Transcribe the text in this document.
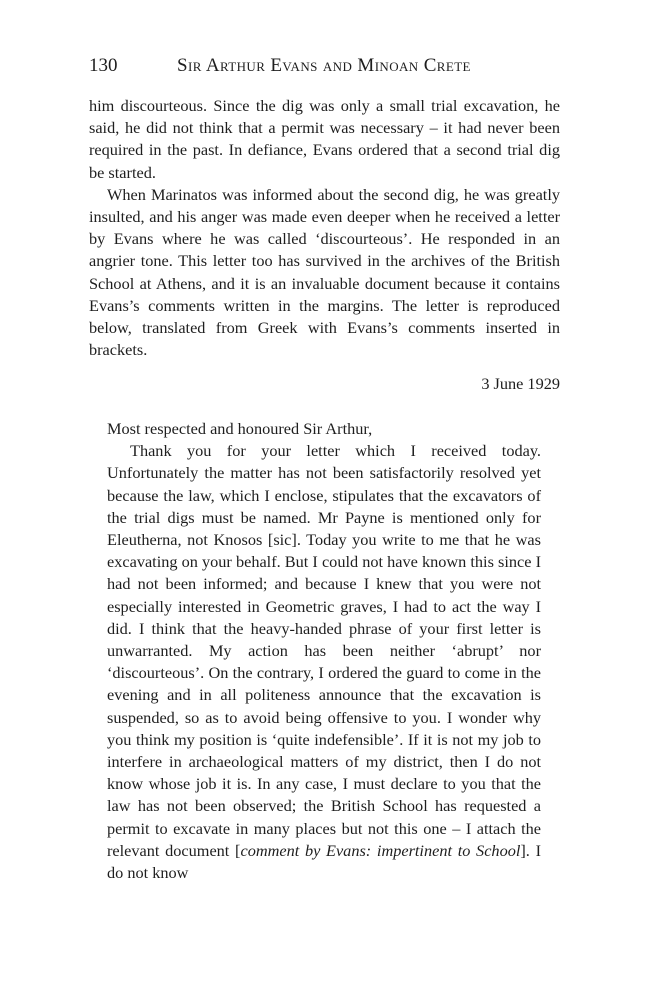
130	Sir Arthur Evans and Minoan Crete

him discourteous. Since the dig was only a small trial excavation, he said, he did not think that a permit was necessary – it had never been required in the past. In defiance, Evans ordered that a second trial dig be started.

When Marinatos was informed about the second dig, he was greatly insulted, and his anger was made even deeper when he received a letter by Evans where he was called ‘discourteous’. He responded in an angrier tone. This letter too has survived in the archives of the British School at Athens, and it is an invaluable document because it contains Evans’s comments written in the margins. The letter is reproduced below, translated from Greek with Evans’s comments inserted in brackets.

3 June 1929

Most respected and honoured Sir Arthur,

Thank you for your letter which I received today. Unfortunately the matter has not been satisfactorily resolved yet because the law, which I enclose, stipulates that the excavators of the trial digs must be named. Mr Payne is mentioned only for Eleutherna, not Knosos [sic]. Today you write to me that he was excavating on your behalf. But I could not have known this since I had not been informed; and because I knew that you were not especially interested in Geometric graves, I had to act the way I did. I think that the heavy-handed phrase of your first letter is unwarranted. My action has been neither ‘abrupt’ nor ‘discourteous’. On the contrary, I ordered the guard to come in the evening and in all politeness announce that the excavation is suspended, so as to avoid being offensive to you. I wonder why you think my position is ‘quite indefensible’. If it is not my job to interfere in archaeological matters of my district, then I do not know whose job it is. In any case, I must declare to you that the law has not been observed; the British School has requested a permit to excavate in many places but not this one – I attach the relevant document [comment by Evans: impertinent to School]. I do not know
